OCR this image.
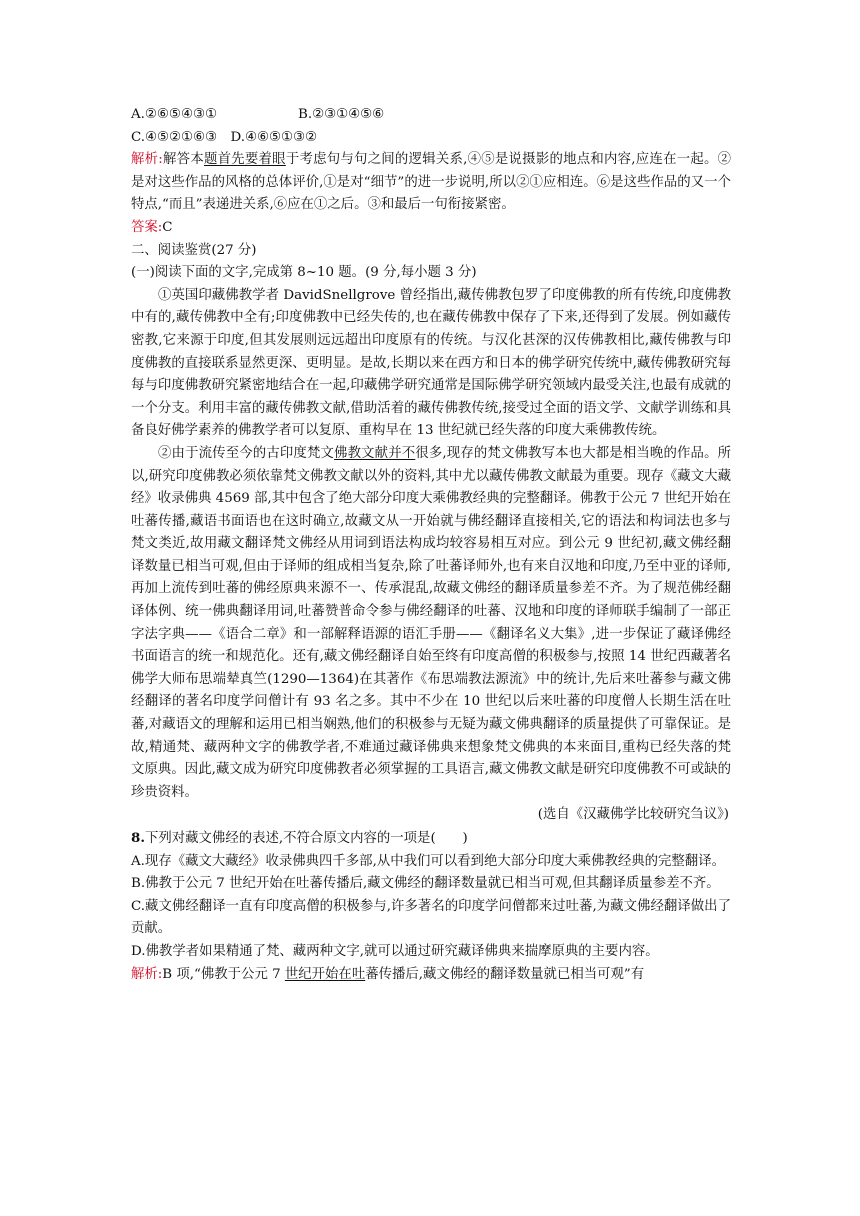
A.②⑥⑤④③①	B.②③①④⑤⑥
C.④⑤②①⑥③　D.④⑥⑤①③②
解析:解答本题首先要着眼于考虑句与句之间的逻辑关系,④⑤是说摄影的地点和内容,应连在一起。②是对这些作品的风格的总体评价,①是对“细节”的进一步说明,所以②①应相连。⑥是这些作品的又一个特点,“而且”表递进关系,⑥应在①之后。③和最后一句衔接紧密。
答案:C
二、阅读鉴赏(27 分)
(一)阅读下面的文字,完成第 8~10 题。(9 分,每小题 3 分)
①英国印藏佛教学者 DavidSnellgrove 曾经指出,藏传佛教包罗了印度佛教的所有传统,印度佛教中有的,藏传佛教中全有;印度佛教中已经失传的,也在藏传佛教中保存了下来,还得到了发展。例如藏传密教,它来源于印度,但其发展则远远超出印度原有的传统。与汉化甚深的汉传佛教相比,藏传佛教与印度佛教的直接联系显然更深、更明显。是故,长期以来在西方和日本的佛学研究传统中,藏传佛教研究每每与印度佛教研究紧密地结合在一起,印藏佛学研究通常是国际佛学研究领域内最受关注,也最有成就的一个分支。利用丰富的藏传佛教文献,借助活着的藏传佛教传统,接受过全面的语文学、文献学训练和具备良好佛学素养的佛教学者可以复原、重构早在 13 世纪就已经失落的印度大乘佛教传统。
②由于流传至今的古印度梵文佛教文献并不很多,现存的梵文佛教写本也大都是相当晚的作品。所以,研究印度佛教必须依靠梵文佛教文献以外的资料,其中尤以藏传佛教文献最为重要。现存《藏文大藏经》收录佛典 4569 部,其中包含了绝大部分印度大乘佛教经典的完整翻译。佛教于公元 7 世纪开始在吐蕃传播,藏语书面语也在这时确立,故藏文从一开始就与佛经翻译直接相关,它的语法和构词法也多与梵文类近,故用藏文翻译梵文佛经从用词到语法构成均较容易相互对应。到公元 9 世纪初,藏文佛经翻译数量已相当可观,但由于译师的组成相当复杂,除了吐蕃译师外,也有来自汉地和印度,乃至中亚的译师,再加上流传到吐蕃的佛经原典来源不一、传承混乱,故藏文佛经的翻译质量参差不齐。为了规范佛经翻译体例、统一佛典翻译用词,吐蕃赞普命令参与佛经翻译的吐蕃、汉地和印度的译师联手编制了一部正字法字典——《语合二章》和一部解释语源的语汇手册——《翻译名义大集》,进一步保证了藏译佛经书面语言的统一和规范化。还有,藏文佛经翻译自始至终有印度高僧的积极参与,按照 14 世纪西藏著名佛学大师布思端辇真竺(1290—1364)在其著作《布思端教法源流》中的统计,先后来吐蕃参与藏文佛经翻译的著名印度学问僧计有 93 名之多。其中不少在 10 世纪以后来吐蕃的印度僧人长期生活在吐蕃,对藏语文的理解和运用已相当娴熟,他们的积极参与无疑为藏文佛典翻译的质量提供了可靠保证。是故,精通梵、藏两种文字的佛教学者,不难通过藏译佛典来想象梵文佛典的本来面目,重构已经失落的梵文原典。因此,藏文成为研究印度佛教者必须掌握的工具语言,藏文佛教文献是研究印度佛教不可或缺的珍贵资料。
(选自《汉藏佛学比较研究刍议》)
8.下列对藏文佛经的表述,不符合原文内容的一项是(　　)
A.现存《藏文大藏经》收录佛典四千多部,从中我们可以看到绝大部分印度大乘佛教经典的完整翻译。
B.佛教于公元 7 世纪开始在吐蕃传播后,藏文佛经的翻译数量就已相当可观,但其翻译质量参差不齐。
C.藏文佛经翻译一直有印度高僧的积极参与,许多著名的印度学问僧都来过吐蕃,为藏文佛经翻译做出了贡献。
D.佛教学者如果精通了梵、藏两种文字,就可以通过研究藏译佛典来揣摩原典的主要内容。
解析:B 项,“佛教于公元 7 世纪开始在吐蕃传播后,藏文佛经的翻译数量就已相当可观”有
